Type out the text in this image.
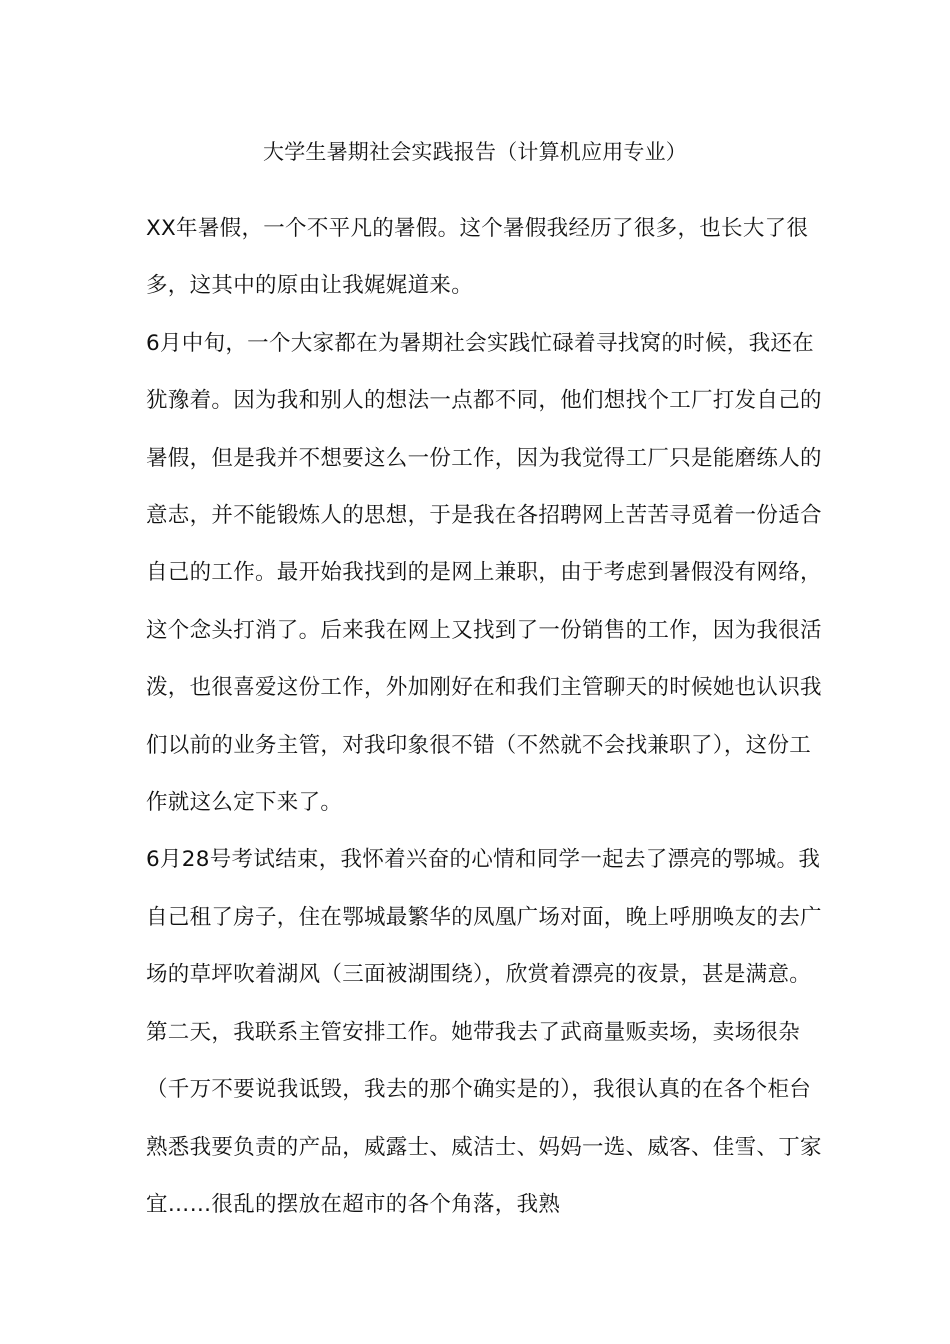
大学生暑期社会实践报告（计算机应用专业）

XX年暑假，一个不平凡的暑假。这个暑假我经历了很多，也长大了很多，这其中的原由让我娓娓道来。

6月中旬，一个大家都在为暑期社会实践忙碌着寻找窝的时候，我还在犹豫着。因为我和别人的想法一点都不同，他们想找个工厂打发自己的暑假，但是我并不想要这么一份工作，因为我觉得工厂只是能磨练人的意志，并不能锻炼人的思想，于是我在各招聘网上苦苦寻觅着一份适合自己的工作。最开始我找到的是网上兼职，由于考虑到暑假没有网络，这个念头打消了。后来我在网上又找到了一份销售的工作，因为我很活泼，也很喜爱这份工作，外加刚好在和我们主管聊天的时候她也认识我们以前的业务主管，对我印象很不错（不然就不会找兼职了），这份工作就这么定下来了。

6月28号考试结束，我怀着兴奋的心情和同学一起去了漂亮的鄂城。我自己租了房子，住在鄂城最繁华的凤凰广场对面，晚上呼朋唤友的去广场的草坪吹着湖风（三面被湖围绕），欣赏着漂亮的夜景，甚是满意。第二天，我联系主管安排工作。她带我去了武商量贩卖场，卖场很杂（千万不要说我诋毁，我去的那个确实是的），我很认真的在各个柜台熟悉我要负责的产品，威露士、威洁士、妈妈一选、威客、佳雪、丁家宜……很乱的摆放在超市的各个角落，我熟
